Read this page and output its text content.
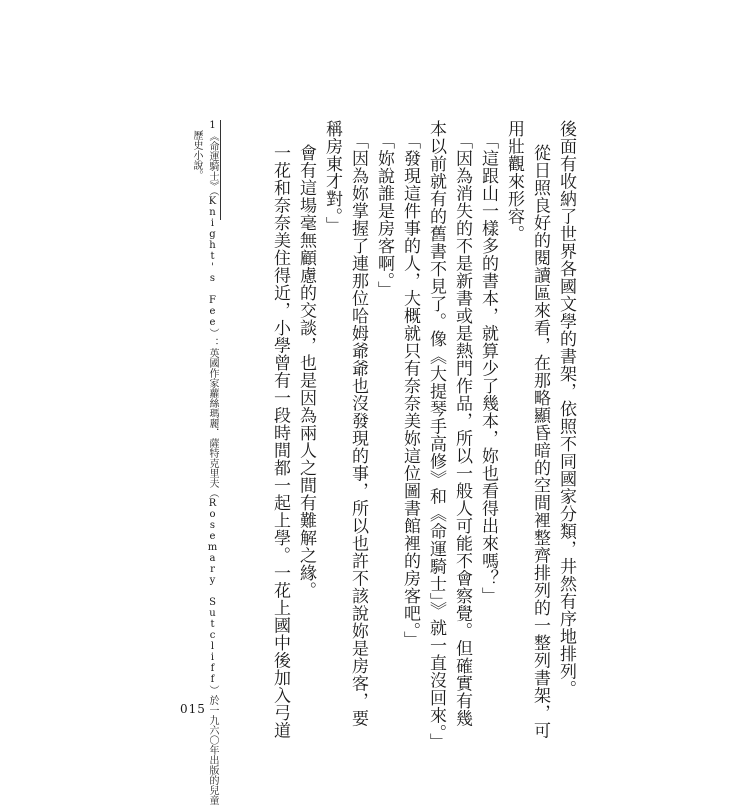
後面有收納了世界各國文學的書架，依照不同國家分類，井然有序地排列。
從日照良好的閱讀區來看，在那略顯昏暗的空間裡整齊排列的一整列書架，可
用壯觀來形容。
「這跟山一樣多的書本，就算少了幾本，妳也看得出來嗎？」
「因為消失的不是新書或是熱門作品，所以一般人可能不會察覺。但確實有幾
本以前就有的舊書不見了。像《大提琴手高修》和《命運騎士」》就一直沒回來。」
「發現這件事的人，大概就只有奈奈美妳這位圖書館裡的房客吧。」
「妳說誰是房客啊。」
「因為妳掌握了連那位哈姆爺爺也沒發現的事，所以也許不該說妳是房客，要
稱房東才對。」
會有這場毫無顧慮的交談，也是因為兩人之間有難解之緣。
一花和奈奈美住得近，小學曾有一段時間都一起上學。一花上國中後加入弓道
1《命運騎士》（Knight's Fee）：英國作家蘿絲瑪麗．薩特克里夫（Rosemary Sutcliff）於一九六〇年出版的兒童
歷史小說。
015
